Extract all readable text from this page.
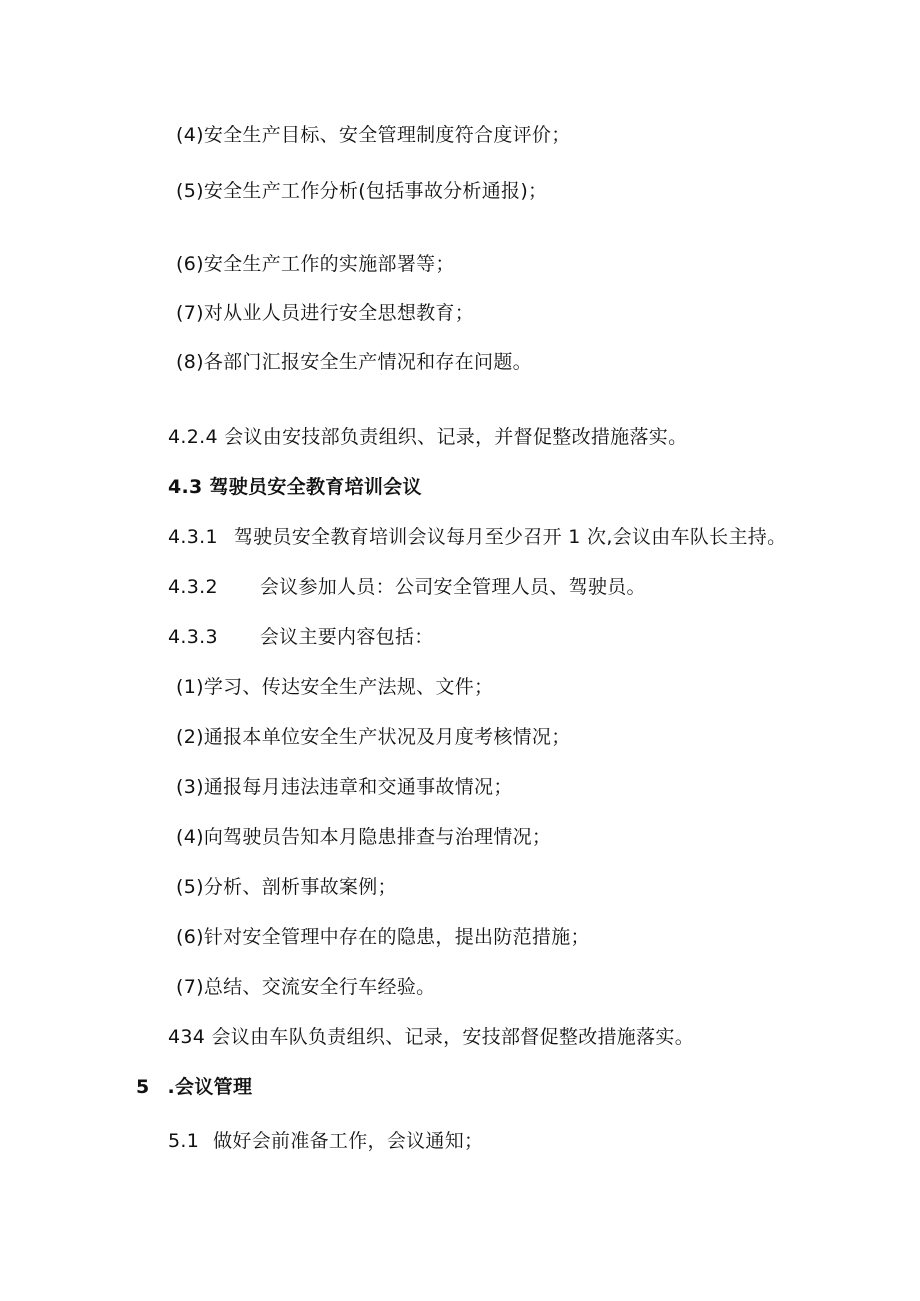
(4)安全生产目标、安全管理制度符合度评价；
(5)安全生产工作分析(包括事故分析通报)；
(6)安全生产工作的实施部署等；
(7)对从业人员进行安全思想教育；
(8)各部门汇报安全生产情况和存在问题。
4.2.4 会议由安技部负责组织、记录，并督促整改措施落实。
4.3 驾驶员安全教育培训会议
4.3.1 驾驶员安全教育培训会议每月至少召开 1 次,会议由车队长主持。
4.3.2 会议参加人员：公司安全管理人员、驾驶员。
4.3.3 会议主要内容包括：
(1)学习、传达安全生产法规、文件；
(2)通报本单位安全生产状况及月度考核情况；
(3)通报每月违法违章和交通事故情况；
(4)向驾驶员告知本月隐患排查与治理情况；
(5)分析、剖析事故案例；
(6)针对安全管理中存在的隐患，提出防范措施；
(7)总结、交流安全行车经验。
434 会议由车队负责组织、记录，安技部督促整改措施落实。
5 .会议管理
5.1 做好会前准备工作，会议通知；
